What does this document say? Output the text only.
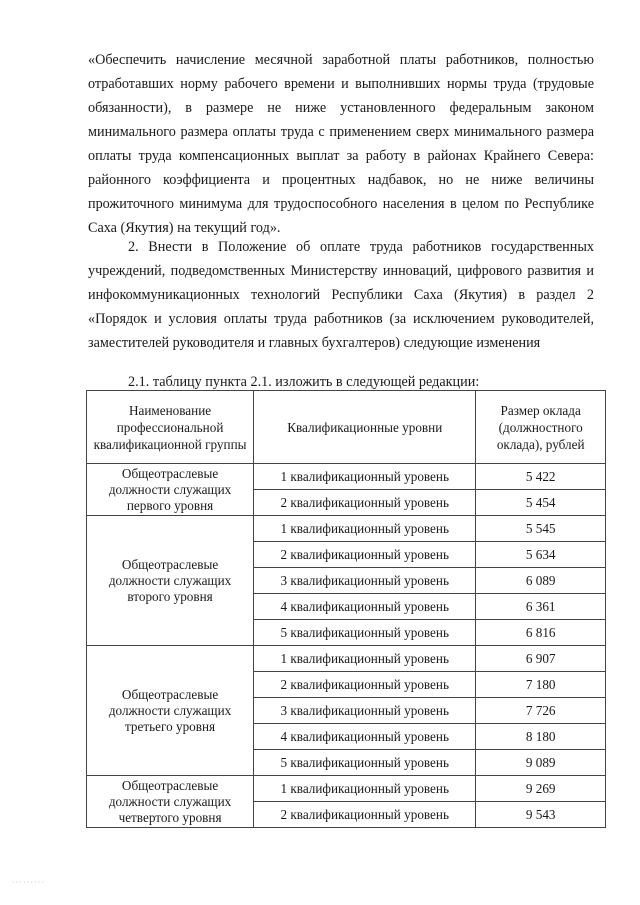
«Обеспечить начисление месячной заработной платы работников, полностью отработавших норму рабочего времени и выполнивших нормы труда (трудовые обязанности), в размере не ниже установленного федеральным законом минимального размера оплаты труда с применением сверх минимального размера оплаты труда компенсационных выплат за работу в районах Крайнего Севера: районного коэффициента и процентных надбавок, но не ниже величины прожиточного минимума для трудоспособного населения в целом по Республике Саха (Якутия) на текущий год».

2. Внести в Положение об оплате труда работников государственных учреждений, подведомственных Министерству инноваций, цифрового развития и инфокоммуникационных технологий Республики Саха (Якутия) в раздел 2 «Порядок и условия оплаты труда работников (за исключением руководителей, заместителей руководителя и главных бухгалтеров) следующие изменения

2.1. таблицу пункта 2.1. изложить в следующей редакции:
Наименование профессиональной квалификационной группы	Квалификационные уровни	Размер оклада (должностного оклада), рублей
Общеотраслевые должности служащих первого уровня	1 квалификационный уровень	5 422
	2 квалификационный уровень	5 454
Общеотраслевые должности служащих второго уровня	1 квалификационный уровень	5 545
	2 квалификационный уровень	5 634
	3 квалификационный уровень	6 089
	4 квалификационный уровень	6 361
	5 квалификационный уровень	6 816
Общеотраслевые должности служащих третьего уровня	1 квалификационный уровень	6 907
	2 квалификационный уровень	7 180
	3 квалификационный уровень	7 726
	4 квалификационный уровень	8 180
	5 квалификационный уровень	9 089
Общеотраслевые должности служащих четвертого уровня	1 квалификационный уровень	9 269
	2 квалификационный уровень	9 543
·········
